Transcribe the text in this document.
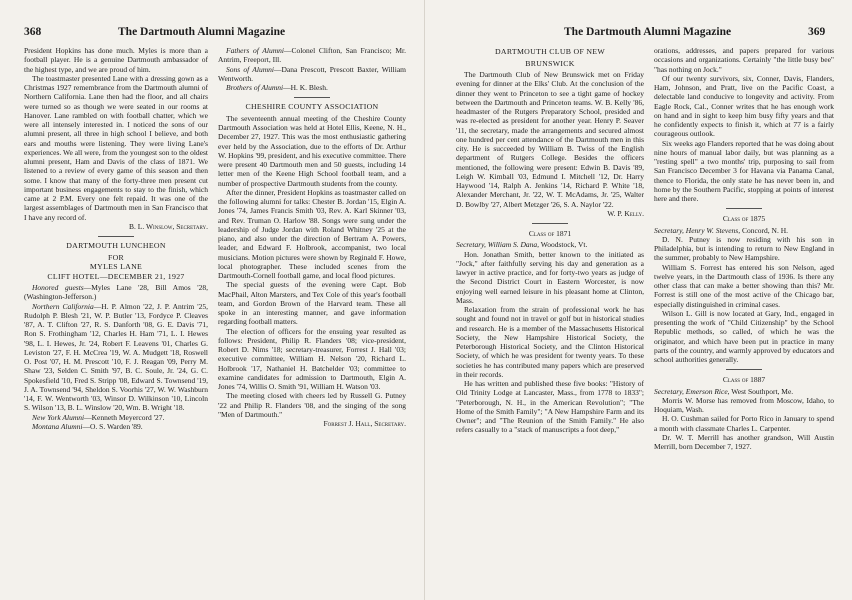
368	The Dartmouth Alumni Magazine

President Hopkins has done much. Myles is more than a football player. He is a genuine Dartmouth ambassador of the highest type, and we are proud of him.

The toastmaster presented Lane with a dressing gown as a Christmas 1927 remembrance from the Dartmouth alumni of Northern California. Lane then had the floor, and all chairs were turned so as though we were seated in our rooms at Hanover. Lane rambled on with football chatter, which we were all intensely interested in. I noticed the sons of our alumni present, all three in high school I believe, and both ears and mouths were listening. They were living Lane's experiences. We all were, from the youngest son to the oldest alumni present, Ham and Davis of the class of 1871. We listened to a review of every game of this season and then some. I know that many of the forty-three men present cut important business engagements to stay to the finish, which came at 2 P.M. Every one felt repaid. It was one of the largest assemblages of Dartmouth men in San Francisco that I have any record of.

B. L. Winslow, Secretary.

DARTMOUTH LUNCHEON
FOR
MYLES LANE
CLIFT HOTEL—DECEMBER 21, 1927

Honored guests—Myles Lane '28, Bill Amos '28, (Washington-Jefferson.)

Northern California—H. P. Almon '22, J. P. Antrim '25, Rudolph P. Blesh '21, W. P. Butler '13, Fordyce P. Cleaves '87, A. T. Clifton '27, R. S. Danforth '08, G. E. Davis '71, Ron S. Frothingham '12, Charles H. Ham '71, L. I. Hewes '98, L. I. Hewes, Jr. '24, Robert F. Leavens '01, Charles G. Leviston '27, F. H. McCrea '19, W. A. Mudgett '18, Roswell O. Post '07, H. M. Prescott '10, F. J. Reagan '09, Perry M. Shaw '23, Selden C. Smith '97, B. C. Soule, Jr. '24, G. C. Spokesfield '10, Fred S. Stripp '08, Edward S. Townsend '19, J. A. Townsend '94, Sheldon S. Voorhis '27, W. W. Washburn '14, F. W. Wentworth '03, Winsor D. Wilkinson '10, Lincoln S. Wilson '13, B. L. Winslow '20, Wm. B. Wright '18.

New York Alumni—Kenneth Meyercord '27.

Montana Alumni—O. S. Warden '89.

Fathers of Alumni—Colonel Clifton, San Francisco; Mr. Antrim, Freeport, Ill.

Sons of Alumni—Dana Prescott, Prescott Baxter, William Wentworth.

Brothers of Alumni—H. K. Blesh.

CHESHIRE COUNTY ASSOCIATION

The seventeenth annual meeting of the Cheshire County Dartmouth Association was held at Hotel Ellis, Keene, N. H., December 27, 1927. This was the most enthusiastic gathering ever held by the Association, due to the efforts of Dr. Arthur W. Hopkins '99, president, and his executive committee. There were present 40 Dartmouth men and 50 guests, including 14 letter men of the Keene High School football team, and a number of prospective Dartmouth students from the county.

After the dinner, President Hopkins as toastmaster called on the following alumni for talks: Chester B. Jordan '15, Elgin A. Jones '74, James Francis Smith '03, Rev. A. Karl Skinner '03, and Rev. Truman O. Harlow '88. Songs were sung under the leadership of Judge Jordan with Roland Whitney '25 at the piano, and also under the direction of Bertram A. Powers, leader, and Edward F. Holbrook, accompanist, two local musicians. Motion pictures were shown by Reginald F. Howe, local photographer. These included scenes from the Dartmouth-Cornell football game, and local flood pictures.

The special guests of the evening were Capt. Bob MacPhail, Alton Marsters, and Tex Cole of this year's football team, and Gordon Brown of the Harvard team. These all spoke in an interesting manner, and gave information regarding football matters.

The election of officers for the ensuing year resulted as follows: President, Philip R. Flanders '08; vice-president, Robert D. Nims '18; secretary-treasurer, Forrest J. Hall '03; executive committee, William H. Nelson '20, Richard L. Holbrook '17, Nathaniel H. Batchelder '03; committee to examine candidates for admission to Dartmouth, Elgin A. Jones '74, Willis O. Smith '91, William H. Watson '03.

The meeting closed with cheers led by Russell G. Putney '22 and Philip R. Flanders '08, and the singing of the song "Men of Dartmouth."

Forrest J. Hall, Secretary.

The Dartmouth Alumni Magazine	369
DARTMOUTH CLUB OF NEW
BRUNSWICK

The Dartmouth Club of New Brunswick met on Friday evening for dinner at the Elks' Club. At the conclusion of the dinner they went to Princeton to see a tight game of hockey between the Dartmouth and Princeton teams. W. B. Kelly '86, headmaster of the Rutgers Preparatory School, presided and was re-elected as president for another year. Henry P. Seaver '11, the secretary, made the arrangements and secured almost one hundred per cent attendance of the Dartmouth men in this city. He is succeeded by William B. Twiss of the English department of Rutgers College. Besides the officers mentioned, the following were present: Edwin B. Davis '89, Leigh W. Kimball '03, Edmund I. Mitchell '12, Dr. Harry Haywood '14, Ralph A. Jenkins '14, Richard P. White '18, Alexander Merchant, Jr. '22, W. T. McAdams, Jr. '25, Walter D. Bowlby '27, Albert Metzger '26, S. A. Naylor '22.

W. P. Kelly.

Class of 1871

Secretary, William S. Dana, Woodstock, Vt.

Hon. Jonathan Smith, better known to the initiated as "Jock," after faithfully serving his day and generation as a lawyer in active practice, and for forty-two years as judge of the Second District Court in Eastern Worcester, is now enjoying well earned leisure in his pleasant home at Clinton, Mass.

Relaxation from the strain of professional work he has sought and found not in travel or golf but in historical studies and research. He is a member of the Massachusetts Historical Society, the New Hampshire Historical Society, the Peterborough Historical Society, and the Clinton Historical Society, of which he was president for twenty years. To these societies he has contributed many papers which are preserved in their records.

He has written and published these five books: "History of Old Trinity Lodge at Lancaster, Mass., from 1778 to 1833"; "Peterborough, N. H., in the American Revolution"; "The Home of the Smith Family"; "A New Hampshire Farm and its Owner"; and "The Reunion of the Smith Family." He also refers casually to a "stack of manuscripts a foot deep,"

orations, addresses, and papers prepared for various occasions and organizations. Certainly "the little busy bee" "has nothing on Jock."

Of our twenty survivors, six, Conner, Davis, Flanders, Ham, Johnson, and Pratt, live on the Pacific Coast, a delectable land conducive to longevity and activity. From Eagle Rock, Cal., Conner writes that he has enough work on hand and in sight to keep him busy fifty years and that he confidently expects to finish it, which at 77 is a fairly courageous outlook.

Six weeks ago Flanders reported that he was doing about nine hours of manual labor daily, but was planning as a "resting spell" a two months' trip, purposing to sail from San Francisco December 3 for Havana via Panama Canal, thence to Florida, the only state he has never been in, and home by the Southern Pacific, stopping at points of interest here and there.

Class of 1875

Secretary, Henry W. Stevens, Concord, N. H.

D. N. Putney is now residing with his son in Philadelphia, but is intending to return to New England in the summer, probably to New Hampshire.

William S. Forrest has entered his son Nelson, aged twelve years, in the Dartmouth class of 1936. Is there any other class that can make a better showing than this? Mr. Forrest is still one of the most active of the Chicago bar, especially distinguished in criminal cases.

Wilson L. Gill is now located at Gary, Ind., engaged in presenting the work of "Child Citizenship" by the School Republic methods, so called, of which he was the originator, and which have been put in practice in many parts of the country, and warmly approved by educators and school authorities generally.

Class of 1887

Secretary, Emerson Rice, West Southport, Me.

Morris W. Morse has removed from Moscow, Idaho, to Hoquiam, Wash.

H. O. Cushman sailed for Porto Rico in January to spend a month with classmate Charles L. Carpenter.

Dr. W. T. Merrill has another grandson, Will Austin Merrill, born December 7, 1927.
